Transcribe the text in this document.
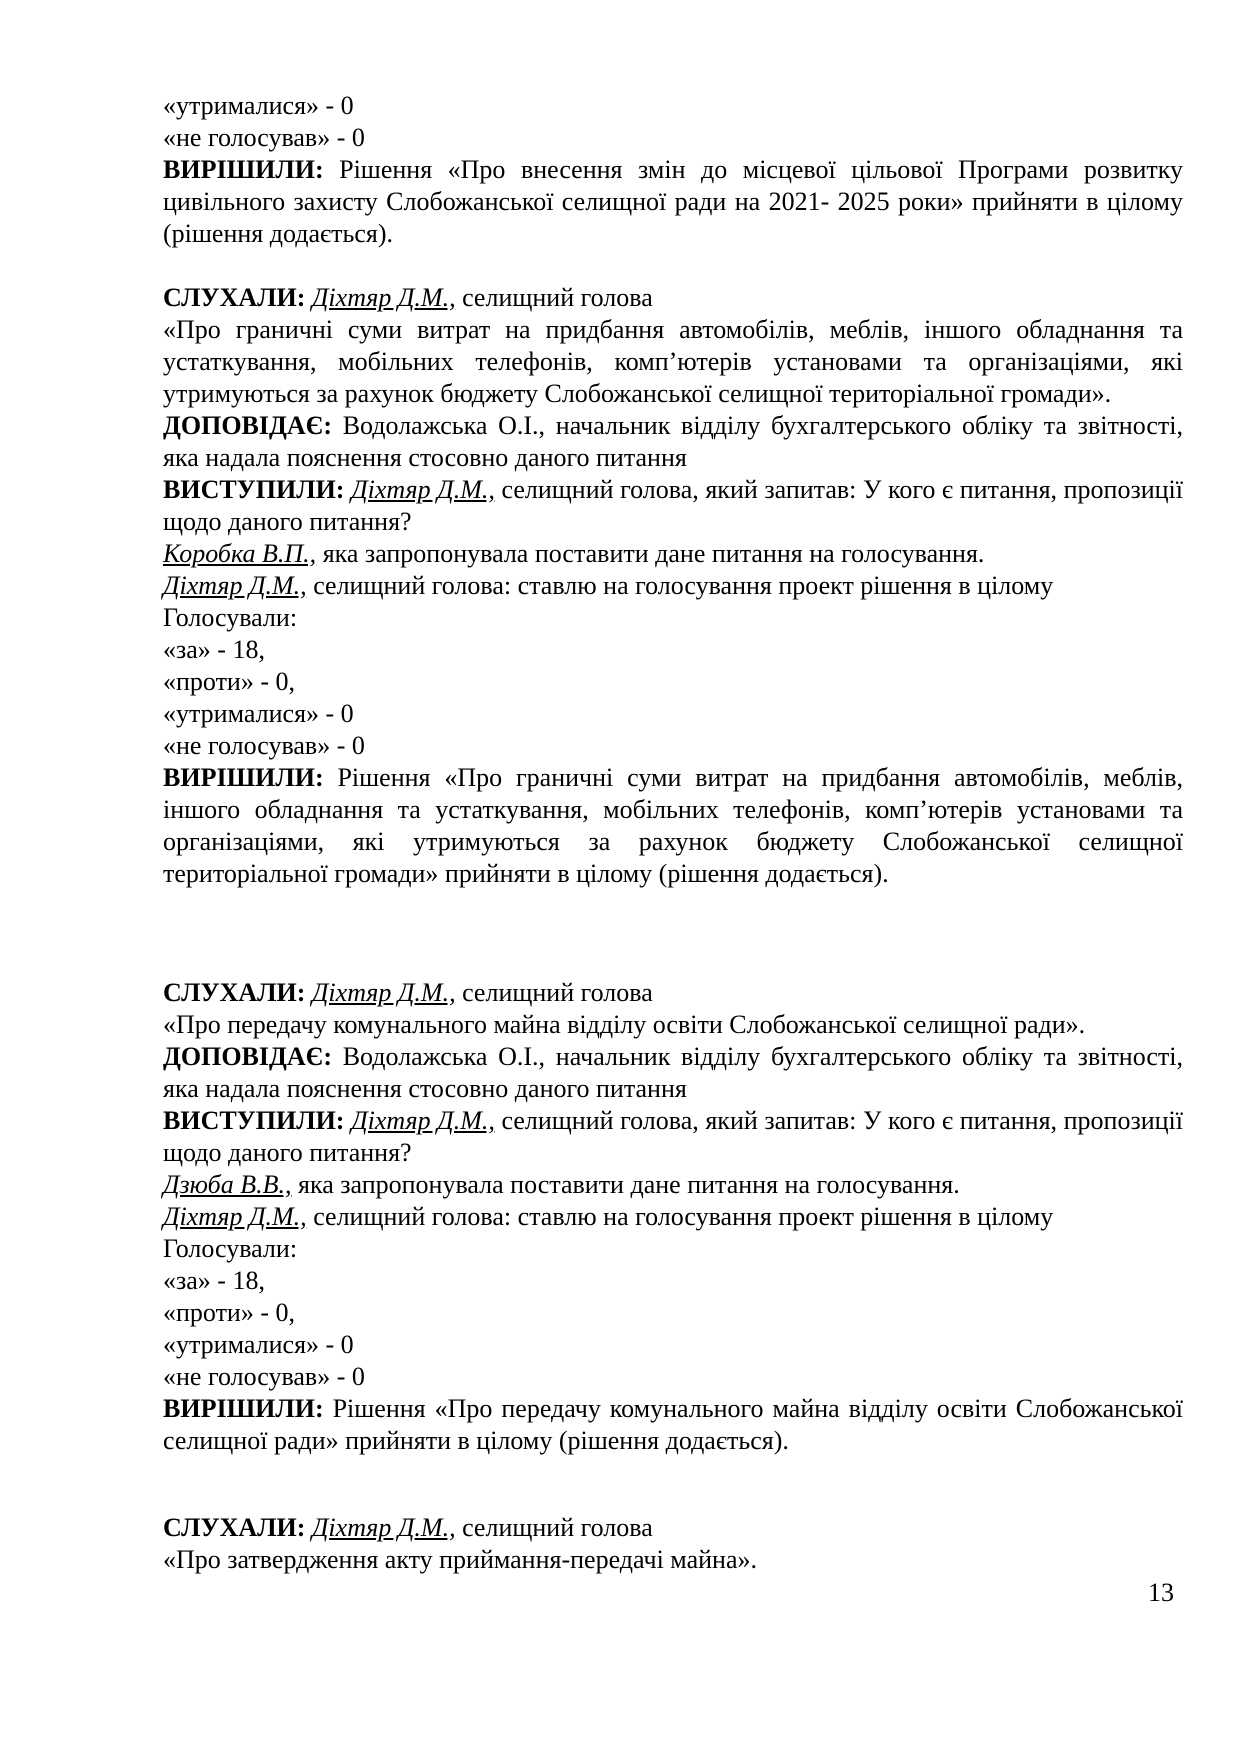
«утрималися» - 0
«не голосував» - 0
ВИРІШИЛИ: Рішення «Про внесення змін до місцевої цільової Програми розвитку цивільного захисту Слобожанської селищної ради на 2021- 2025 роки» прийняти в цілому (рішення додається).
СЛУХАЛИ: Діхтяр Д.М., селищний голова
«Про граничні суми витрат на придбання автомобілів, меблів, іншого обладнання та устаткування, мобільних телефонів, комп’ютерів установами та організаціями, які утримуються за рахунок бюджету Слобожанської селищної територіальної громади».
ДОПОВІДАЄ: Водолажська О.І., начальник відділу бухгалтерського обліку та звітності, яка надала пояснення стосовно даного питання
ВИСТУПИЛИ: Діхтяр Д.М., селищний голова, який запитав: У кого є питання, пропозиції щодо даного питання?
Коробка В.П., яка запропонувала поставити дане питання на голосування.
Діхтяр Д.М., селищний голова: ставлю на голосування проект рішення в цілому
Голосували:
«за» - 18,
«проти» - 0,
«утрималися» - 0
«не голосував» - 0
ВИРІШИЛИ: Рішення «Про граничні суми витрат на придбання автомобілів, меблів, іншого обладнання та устаткування, мобільних телефонів, комп’ютерів установами та організаціями, які утримуються за рахунок бюджету Слобожанської селищної територіальної громади» прийняти в цілому (рішення додається).
СЛУХАЛИ: Діхтяр Д.М., селищний голова
«Про передачу комунального майна відділу освіти Слобожанської селищної ради».
ДОПОВІДАЄ: Водолажська О.І., начальник відділу бухгалтерського обліку та звітності, яка надала пояснення стосовно даного питання
ВИСТУПИЛИ: Діхтяр Д.М., селищний голова, який запитав: У кого є питання, пропозиції щодо даного питання?
Дзюба В.В., яка запропонувала поставити дане питання на голосування.
Діхтяр Д.М., селищний голова: ставлю на голосування проект рішення в цілому
Голосували:
«за» - 18,
«проти» - 0,
«утрималися» - 0
«не голосував» - 0
ВИРІШИЛИ: Рішення «Про передачу комунального майна відділу освіти Слобожанської селищної ради» прийняти в цілому (рішення додається).
СЛУХАЛИ: Діхтяр Д.М., селищний голова
«Про затвердження акту приймання-передачі майна».
13
